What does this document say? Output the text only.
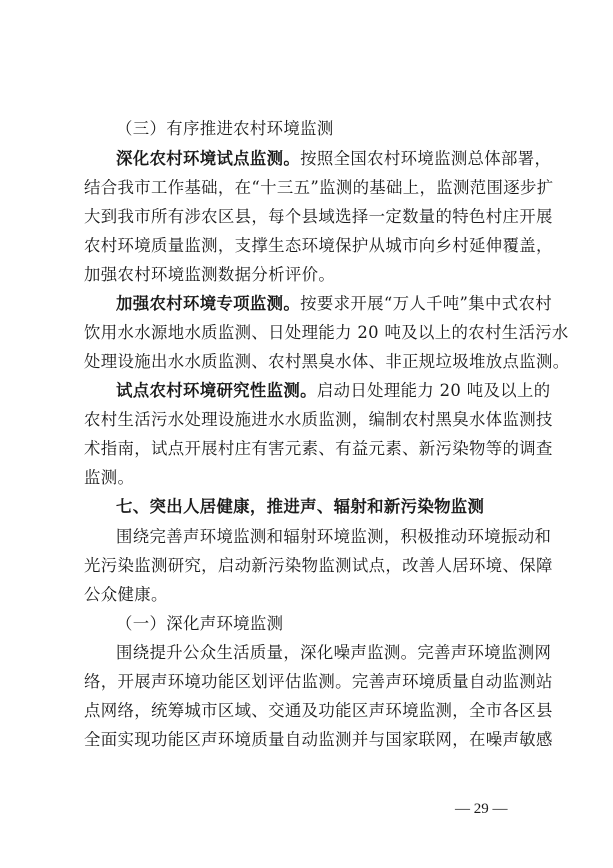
（三）有序推进农村环境监测
深化农村环境试点监测。按照全国农村环境监测总体部署，
结合我市工作基础，在“十三五”监测的基础上，监测范围逐步扩
大到我市所有涉农区县，每个县域选择一定数量的特色村庄开展
农村环境质量监测，支撑生态环境保护从城市向乡村延伸覆盖，
加强农村环境监测数据分析评价。
加强农村环境专项监测。按要求开展“万人千吨”集中式农村
饮用水水源地水质监测、日处理能力 20 吨及以上的农村生活污水
处理设施出水水质监测、农村黑臭水体、非正规垃圾堆放点监测。
试点农村环境研究性监测。启动日处理能力 20 吨及以上的
农村生活污水处理设施进水水质监测，编制农村黑臭水体监测技
术指南，试点开展村庄有害元素、有益元素、新污染物等的调查
监测。
七、突出人居健康，推进声、辐射和新污染物监测
围绕完善声环境监测和辐射环境监测，积极推动环境振动和
光污染监测研究，启动新污染物监测试点，改善人居环境、保障
公众健康。
（一）深化声环境监测
围绕提升公众生活质量，深化噪声监测。完善声环境监测网
络，开展声环境功能区划评估监测。完善声环境质量自动监测站
点网络，统筹城市区域、交通及功能区声环境监测，全市各区县
全面实现功能区声环境质量自动监测并与国家联网，在噪声敏感
— 29 —
